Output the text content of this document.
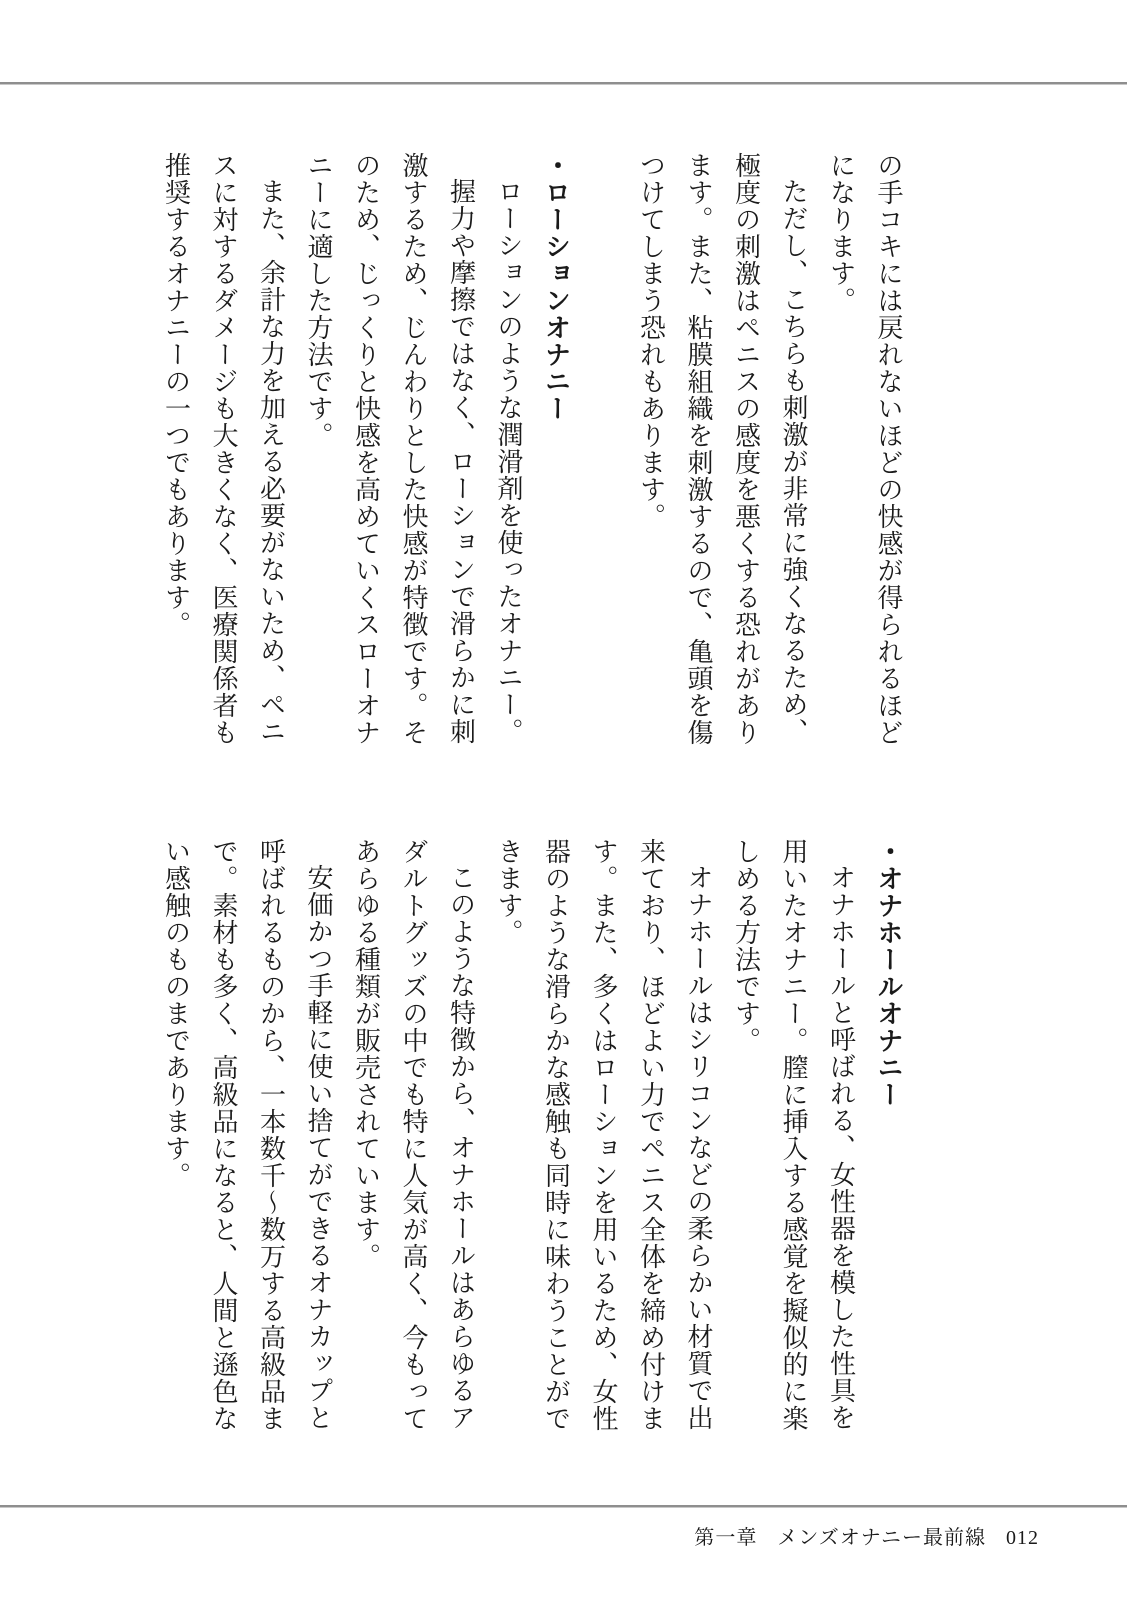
の手コキには戻れないほどの快感が得られるほどになります。

ただし、こちらも刺激が非常に強くなるため、極度の刺激はペニスの感度を悪くする恐れがあります。また、粘膜組織を刺激するので、亀頭を傷つけてしまう恐れもあります。

・ローションオナニー

ローションのような潤滑剤を使ったオナニー。

握力や摩擦ではなく、ローションで滑らかに刺激するため、じんわりとした快感が特徴です。そのため、じっくりと快感を高めていくスローオナニーに適した方法です。

また、余計な力を加える必要がないため、ペニスに対するダメージも大きくなく、医療関係者も推奨するオナニーの一つでもあります。

・オナホールオナニー

オナホールと呼ばれる、女性器を模した性具を用いたオナニー。膣に挿入する感覚を擬似的に楽しめる方法です。

オナホールはシリコンなどの柔らかい材質で出来ており、ほどよい力でペニス全体を締め付けます。また、多くはローションを用いるため、女性器のような滑らかな感触も同時に味わうことができます。

このような特徴から、オナホールはあらゆるアダルトグッズの中でも特に人気が高く、今もってあらゆる種類が販売されています。

安価かつ手軽に使い捨てができるオナカップと呼ばれるものから、一本数千～数万する高級品まで。素材も多く、高級品になると、人間と遜色ない感触のものまであります。

第一章 メンズオナニー最前線 012
